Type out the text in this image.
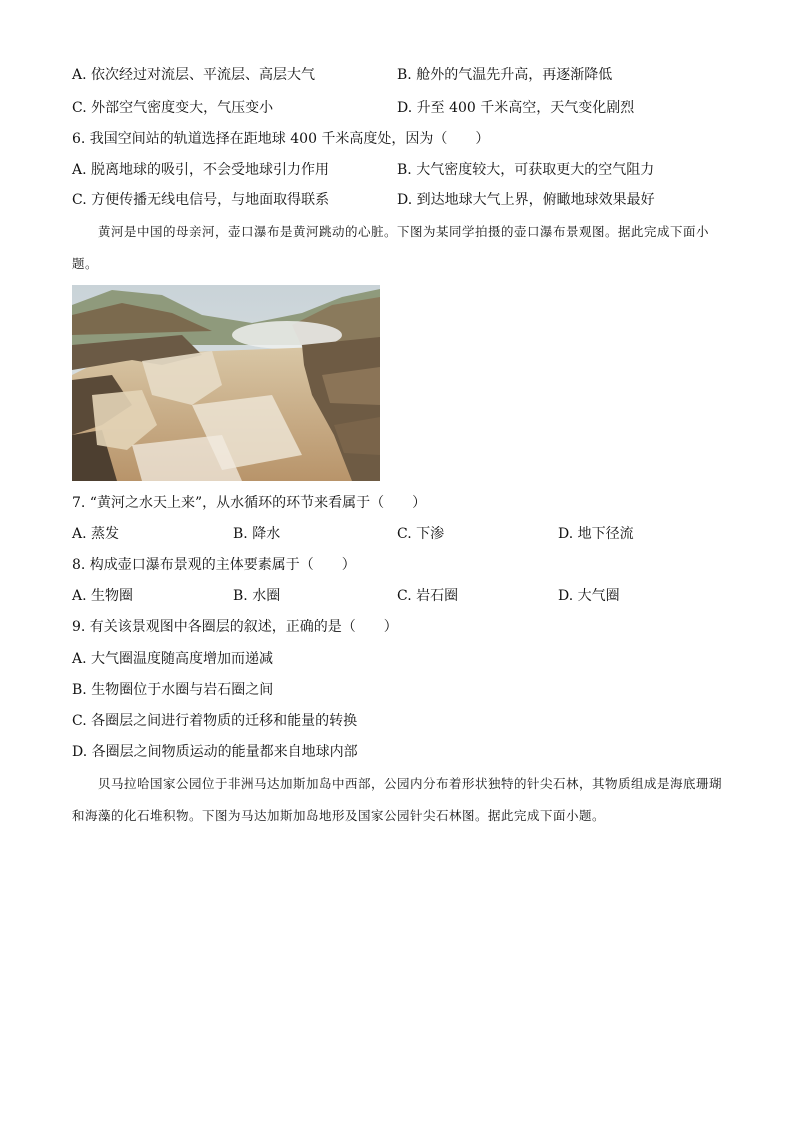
A. 依次经过对流层、平流层、高层大气	B. 舱外的气温先升高，再逐渐降低
C. 外部空气密度变大，气压变小	D. 升至 400 千米高空，天气变化剧烈
6. 我国空间站的轨道选择在距地球 400 千米高度处，因为（　　）
A. 脱离地球的吸引，不会受地球引力作用	B. 大气密度较大，可获取更大的空气阻力
C. 方便传播无线电信号，与地面取得联系	D. 到达地球大气上界，俯瞰地球效果最好
黄河是中国的母亲河，壶口瀑布是黄河跳动的心脏。下图为某同学拍摄的壶口瀑布景观图。据此完成下面小题。
7. “黄河之水天上来”，从水循环的环节来看属于（　　）
A. 蒸发	B. 降水	C. 下渗	D. 地下径流
8. 构成壶口瀑布景观的主体要素属于（　　）
A. 生物圈	B. 水圈	C. 岩石圈	D. 大气圈
9. 有关该景观图中各圈层的叙述，正确的是（　　）
A. 大气圈温度随高度增加而递减
B. 生物圈位于水圈与岩石圈之间
C. 各圈层之间进行着物质的迁移和能量的转换
D. 各圈层之间物质运动的能量都来自地球内部
贝马拉哈国家公园位于非洲马达加斯加岛中西部，公园内分布着形状独特的针尖石林，其物质组成是海底珊瑚和海藻的化石堆积物。下图为马达加斯加岛地形及国家公园针尖石林图。据此完成下面小题。
